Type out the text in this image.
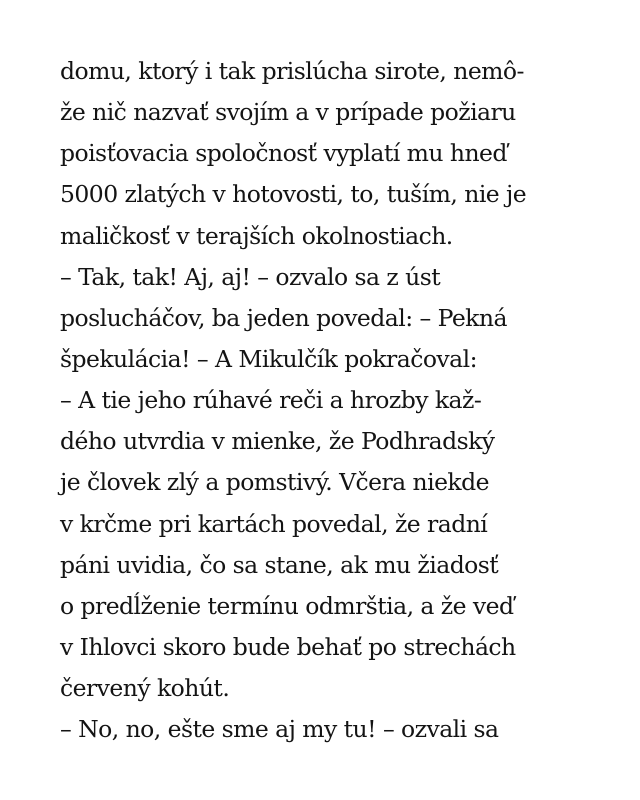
domu, ktorý i tak prislúcha sirote, nemô-
že nič nazvať svojím a v prípade požiaru
poisťovacia spoločnosť vyplatí mu hneď
5000 zlatých v hotovosti, to, tuším, nie je
maličkosť v terajších okolnostiach.
– Tak, tak! Aj, aj! – ozvalo sa z úst
poslucháčov, ba jeden povedal: – Pekná
špekulácia! – A Mikulčík pokračoval:
– A tie jeho rúhavé reči a hrozby kaž-
dého utvrdia v mienke, že Podhradský
je človek zlý a pomstivý. Včera niekde
v krčme pri kartách povedal, že radní
páni uvidia, čo sa stane, ak mu žiadosť
o predĺženie termínu odmrštia, a že veď
v Ihlovci skoro bude behať po strechách
červený kohút.
– No, no, ešte sme aj my tu! – ozvali sa
